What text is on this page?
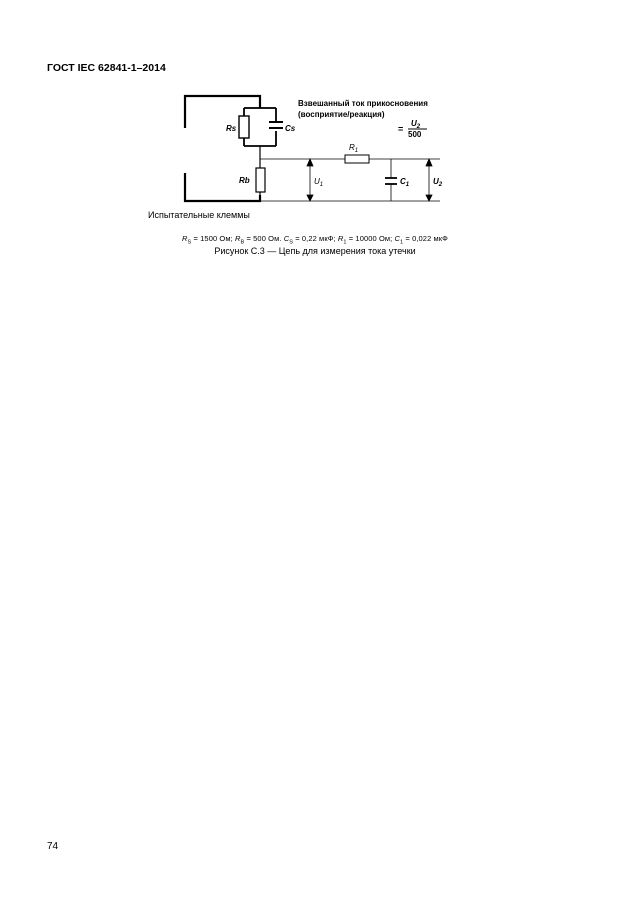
ГОСТ IEC 62841-1–2014
Rs	Cs
Rb
$R_1$
$U_1$	$C_1$	$U_2$
Взвешанный ток прикосновения
(восприятие/реакция)
=
$U_2$
500
Испытательные клеммы
$R_S = 1500$ Ом; $R_B = 500$ Ом. $C_S = 0,22$ мкФ; $R_1 = 10000$ Ом; $C_1 = 0,022$ мкФ
Рисунок С.3 — Цепь для измерения тока утечки
74
